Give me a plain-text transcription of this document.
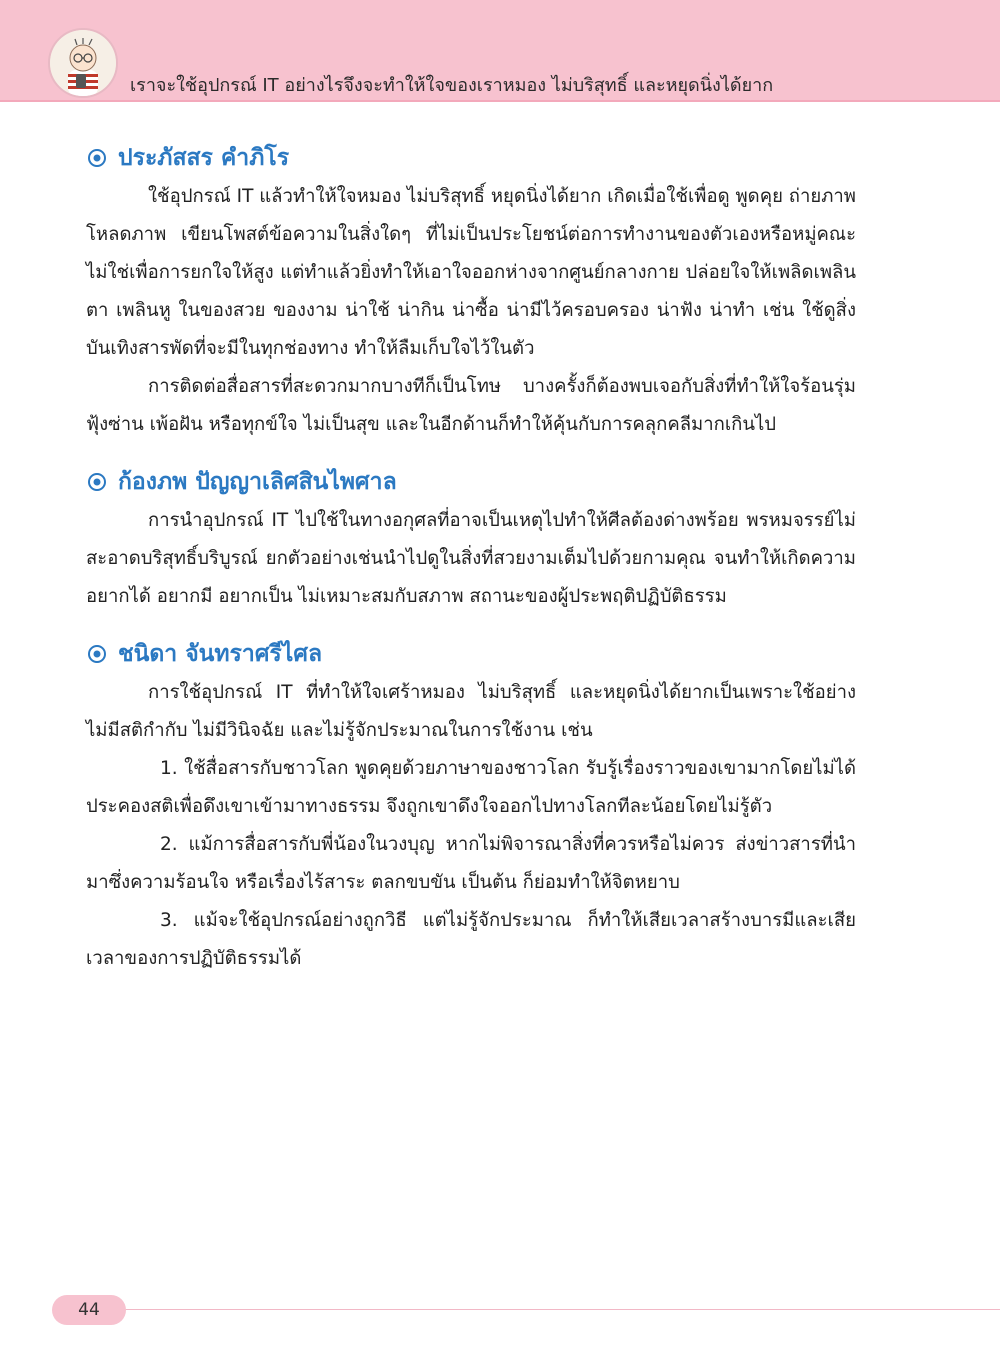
เราจะใช้อุปกรณ์ IT อย่างไรจึงจะทำให้ใจของเราหมอง ไม่บริสุทธิ์ และหยุดนิ่งได้ยาก
ประภัสสร คำภิโร

ใช้อุปกรณ์ IT แล้วทำให้ใจหมอง ไม่บริสุทธิ์ หยุดนิ่งได้ยาก เกิดเมื่อใช้เพื่อดู พูดคุย ถ่ายภาพ โหลดภาพ เขียนโพสต์ข้อความในสิ่งใดๆ ที่ไม่เป็นประโยชน์ต่อการทำงานของตัวเองหรือหมู่คณะ ไม่ใช่เพื่อการยกใจให้สูง แต่ทำแล้วยิ่งทำให้เอาใจออกห่างจากศูนย์กลางกาย ปล่อยใจให้เพลิดเพลินตา เพลินหู ในของสวย ของงาม น่าใช้ น่ากิน น่าซื้อ น่ามีไว้ครอบครอง น่าฟัง น่าทำ เช่น ใช้ดูสิ่งบันเทิงสารพัดที่จะมีในทุกช่องทาง ทำให้ลืมเก็บใจไว้ในตัว

การติดต่อสื่อสารที่สะดวกมากบางทีก็เป็นโทษ บางครั้งก็ต้องพบเจอกับสิ่งที่ทำให้ใจร้อนรุ่มฟุ้งซ่าน เพ้อฝัน หรือทุกข์ใจ ไม่เป็นสุข และในอีกด้านก็ทำให้คุ้นกับการคลุกคลีมากเกินไป

ก้องภพ ปัญญาเลิศสินไพศาล

การนำอุปกรณ์ IT ไปใช้ในทางอกุศลที่อาจเป็นเหตุไปทำให้ศีลต้องด่างพร้อย พรหมจรรย์ไม่สะอาดบริสุทธิ์บริบูรณ์ ยกตัวอย่างเช่นนำไปดูในสิ่งที่สวยงามเต็มไปด้วยกามคุณ จนทำให้เกิดความอยากได้ อยากมี อยากเป็น ไม่เหมาะสมกับสภาพ สถานะของผู้ประพฤติปฏิบัติธรรม

ชนิดา จันทราศรีไศล

การใช้อุปกรณ์ IT ที่ทำให้ใจเศร้าหมอง ไม่บริสุทธิ์ และหยุดนิ่งได้ยากเป็นเพราะใช้อย่างไม่มีสติกำกับ ไม่มีวินิจฉัย และไม่รู้จักประมาณในการใช้งาน เช่น

1. ใช้สื่อสารกับชาวโลก พูดคุยด้วยภาษาของชาวโลก รับรู้เรื่องราวของเขามากโดยไม่ได้ประคองสติเพื่อดึงเขาเข้ามาทางธรรม จึงถูกเขาดึงใจออกไปทางโลกทีละน้อยโดยไม่รู้ตัว

2. แม้การสื่อสารกับพี่น้องในวงบุญ หากไม่พิจารณาสิ่งที่ควรหรือไม่ควร ส่งข่าวสารที่นำมาซึ่งความร้อนใจ หรือเรื่องไร้สาระ ตลกขบขัน เป็นต้น ก็ย่อมทำให้จิตหยาบ

3. แม้จะใช้อุปกรณ์อย่างถูกวิธี แต่ไม่รู้จักประมาณ ก็ทำให้เสียเวลาสร้างบารมีและเสียเวลาของการปฏิบัติธรรมได้

44
